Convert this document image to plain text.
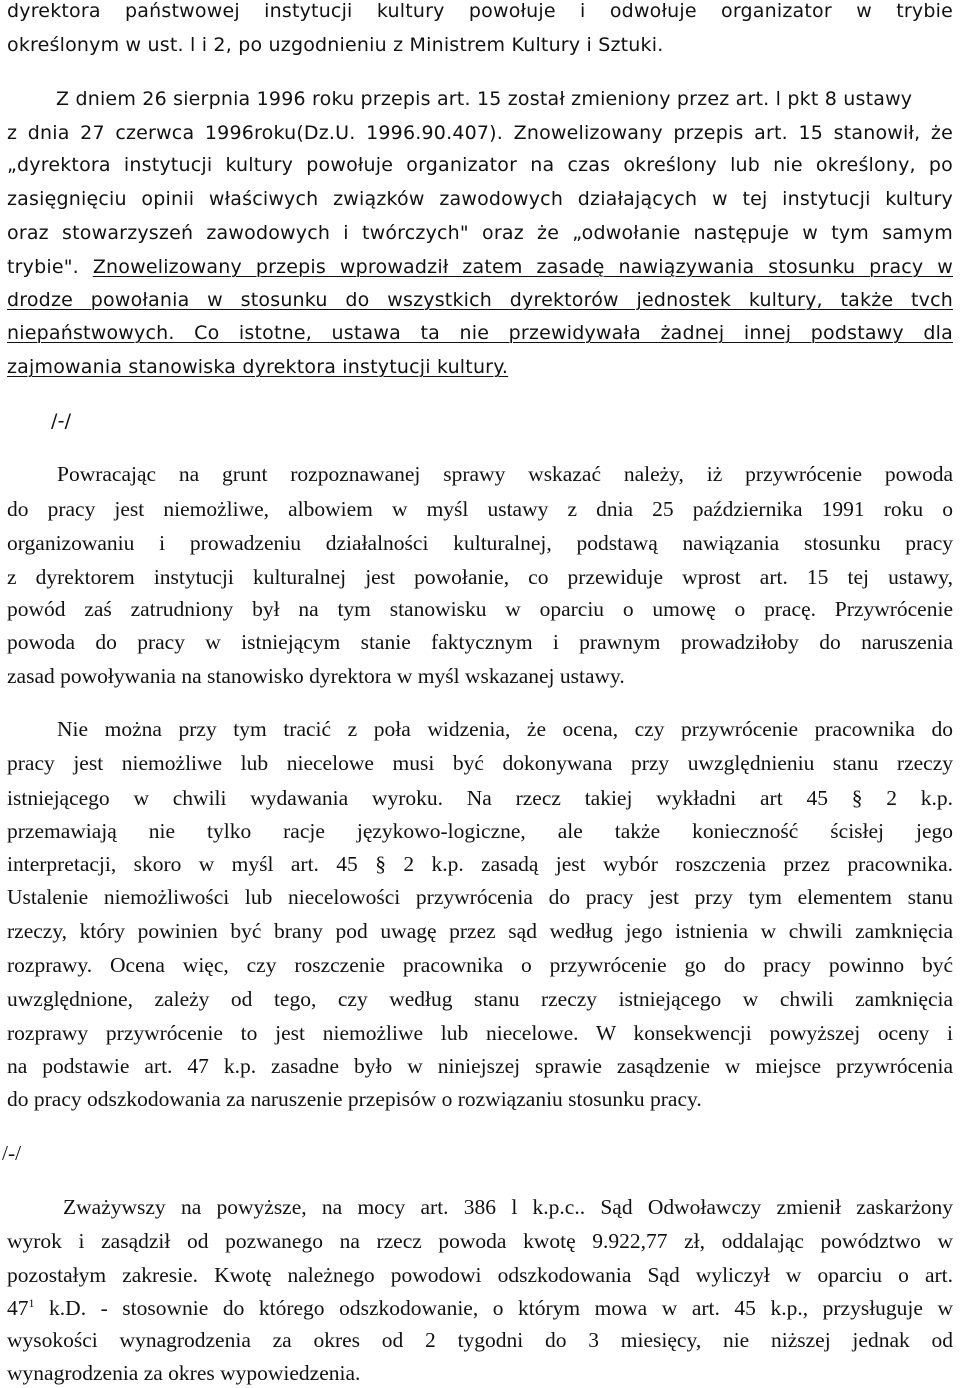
dyrektora państwowej instytucji kultury powołuje i odwołuje organizator w trybie
określonym w ust. l i 2, po uzgodnieniu z Ministrem Kultury i Sztuki.
Z dniem 26 sierpnia 1996 roku przepis art. 15 został zmieniony przez art. l pkt 8 ustawy
z dnia 27 czerwca 1996roku(Dz.U. 1996.90.407). Znowelizowany przepis art. 15 stanowił, że
„dyrektora instytucji kultury powołuje organizator na czas określony lub nie określony, po
zasięgnięciu opinii właściwych związków zawodowych działających w tej instytucji kultury
oraz stowarzyszeń zawodowych i twórczych" oraz że „odwołanie następuje w tym samym
trybie". Znowelizowany przepis wprowadził zatem zasadę nawiązywania stosunku pracy w
drodze powołania w stosunku do wszystkich dyrektorów jednostek kultury, także tvch
niepaństwowych. Co istotne, ustawa ta nie przewidywała żadnej innej podstawy dla
zajmowania stanowiska dyrektora instytucji kultury.
/-/
Powracając na grunt rozpoznawanej sprawy wskazać należy, iż przywrócenie powoda
do pracy jest niemożliwe, albowiem w myśl ustawy z dnia 25 października 1991 roku o
organizowaniu i prowadzeniu działalności kulturalnej, podstawą nawiązania stosunku pracy
z dyrektorem instytucji kulturalnej jest powołanie, co przewiduje wprost art. 15 tej ustawy,
powód zaś zatrudniony był na tym stanowisku w oparciu o umowę o pracę. Przywrócenie
powoda do pracy w istniejącym stanie faktycznym i prawnym prowadziłoby do naruszenia
zasad powoływania na stanowisko dyrektora w myśl wskazanej ustawy.
Nie można przy tym tracić z poła widzenia, że ocena, czy przywrócenie pracownika do
pracy jest niemożliwe lub niecelowe musi być dokonywana przy uwzględnieniu stanu rzeczy
istniejącego w chwili wydawania wyroku. Na rzecz takiej wykładni art 45 § 2 k.p.
przemawiają nie tylko racje językowo-logiczne, ale także konieczność ścisłej jego
interpretacji, skoro w myśl art. 45 § 2 k.p. zasadą jest wybór roszczenia przez pracownika.
Ustalenie niemożliwości lub niecelowości przywrócenia do pracy jest przy tym elementem stanu
rzeczy, który powinien być brany pod uwagę przez sąd według jego istnienia w chwili zamknięcia
rozprawy. Ocena więc, czy roszczenie pracownika o przywrócenie go do pracy powinno być
uwzględnione, zależy od tego, czy według stanu rzeczy istniejącego w chwili zamknięcia
rozprawy przywrócenie to jest niemożliwe lub niecelowe. W konsekwencji powyższej oceny i
na podstawie art. 47 k.p. zasadne było w niniejszej sprawie zasądzenie w miejsce przywrócenia
do pracy odszkodowania za naruszenie przepisów o rozwiązaniu stosunku pracy.
/-/
Zważywszy na powyższe, na mocy art. 386 l k.p.c.. Sąd Odwoławczy zmienił zaskarżony
wyrok i zasądził od pozwanego na rzecz powoda kwotę 9.922,77 zł, oddalając powództwo w
pozostałym zakresie. Kwotę należnego powodowi odszkodowania Sąd wyliczył w oparciu o art.
$47^1$ k.D. - stosownie do którego odszkodowanie, o którym mowa w art. 45 k.p., przysługuje w
wysokości wynagrodzenia za okres od 2 tygodni do 3 miesięcy, nie niższej jednak od
wynagrodzenia za okres wypowiedzenia.
